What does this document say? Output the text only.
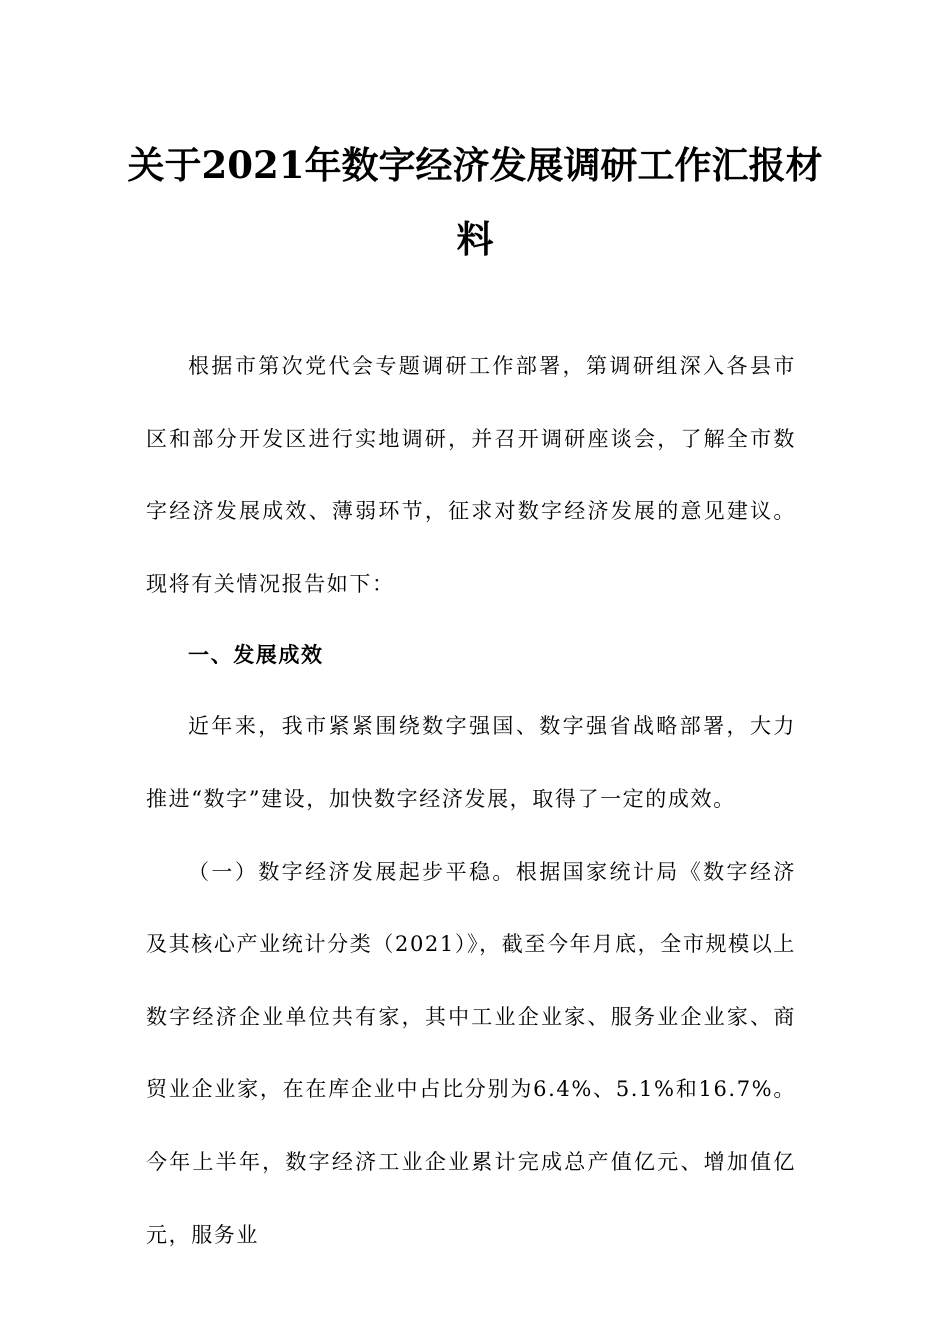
关于2021年数字经济发展调研工作汇报材料

根据市第次党代会专题调研工作部署，第调研组深入各县市区和部分开发区进行实地调研，并召开调研座谈会，了解全市数字经济发展成效、薄弱环节，征求对数字经济发展的意见建议。现将有关情况报告如下：

一、发展成效

近年来，我市紧紧围绕数字强国、数字强省战略部署，大力推进“数字”建设，加快数字经济发展，取得了一定的成效。

（一）数字经济发展起步平稳。根据国家统计局《数字经济及其核心产业统计分类（2021）》，截至今年月底，全市规模以上数字经济企业单位共有家，其中工业企业家、服务业企业家、商贸业企业家，在在库企业中占比分别为6.4%、5.1%和16.7%。今年上半年，数字经济工业企业累计完成总产值亿元、增加值亿元，服务业
